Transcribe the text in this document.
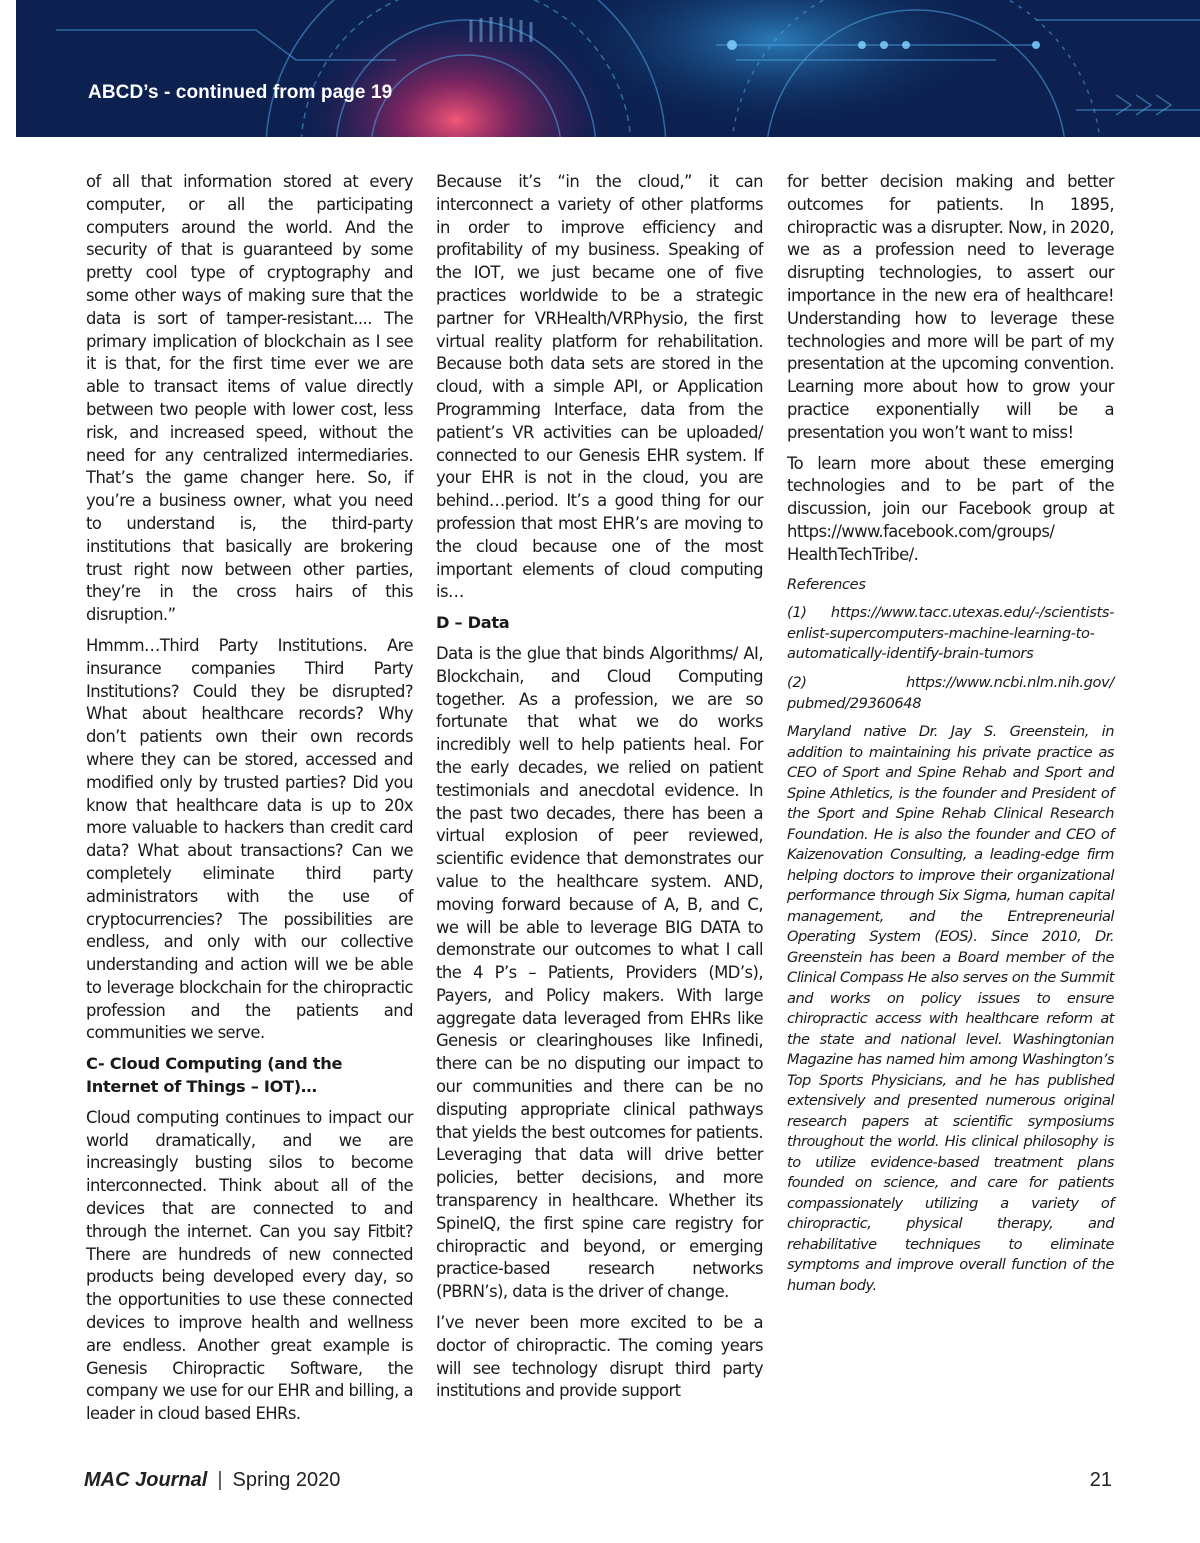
ABCD’s - continued from page 19

of all that information stored at every computer, or all the participating computers around the world. And the security of that is guaranteed by some pretty cool type of cryptography and some other ways of making sure that the data is sort of tamper-resistant.... The primary implication of blockchain as I see it is that, for the first time ever we are able to transact items of value directly between two people with lower cost, less risk, and increased speed, without the need for any centralized intermediaries. That’s the game changer here. So, if you’re a business owner, what you need to understand is, the third-party institutions that basically are brokering trust right now between other parties, they’re in the cross hairs of this disruption.”

Hmmm…Third Party Institutions. Are insurance companies Third Party Institutions? Could they be disrupted? What about healthcare records? Why don’t patients own their own records where they can be stored, accessed and modified only by trusted parties? Did you know that healthcare data is up to 20x more valuable to hackers than credit card data? What about transactions? Can we completely eliminate third party administrators with the use of cryptocurrencies? The possibilities are endless, and only with our collective understanding and action will we be able to leverage blockchain for the chiropractic profession and the patients and communities we serve.

C- Cloud Computing (and the Internet of Things – IOT)…

Cloud computing continues to impact our world dramatically, and we are increasingly busting silos to become interconnected. Think about all of the devices that are connected to and through the internet. Can you say Fitbit? There are hundreds of new connected products being developed every day, so the opportunities to use these connected devices to improve health and wellness are endless. Another great example is Genesis Chiropractic Software, the company we use for our EHR and billing, a leader in cloud based EHRs.

Because it’s “in the cloud,” it can interconnect a variety of other platforms in order to improve efficiency and profitability of my business. Speaking of the IOT, we just became one of five practices worldwide to be a strategic partner for VRHealth/VRPhysio, the first virtual reality platform for rehabilitation. Because both data sets are stored in the cloud, with a simple API, or Application Programming Interface, data from the patient’s VR activities can be uploaded/ connected to our Genesis EHR system. If your EHR is not in the cloud, you are behind…period. It’s a good thing for our profession that most EHR’s are moving to the cloud because one of the most important elements of cloud computing is…

D – Data

Data is the glue that binds Algorithms/ AI, Blockchain, and Cloud Computing together. As a profession, we are so fortunate that what we do works incredibly well to help patients heal. For the early decades, we relied on patient testimonials and anecdotal evidence. In the past two decades, there has been a virtual explosion of peer reviewed, scientific evidence that demonstrates our value to the healthcare system. AND, moving forward because of A, B, and C, we will be able to leverage BIG DATA to demonstrate our outcomes to what I call the 4 P’s – Patients, Providers (MD’s), Payers, and Policy makers. With large aggregate data leveraged from EHRs like Genesis or clearinghouses like Infinedi, there can be no disputing our impact to our communities and there can be no disputing appropriate clinical pathways that yields the best outcomes for patients. Leveraging that data will drive better policies, better decisions, and more transparency in healthcare. Whether its SpineIQ, the first spine care registry for chiropractic and beyond, or emerging practice-based research networks (PBRN’s), data is the driver of change.

I’ve never been more excited to be a doctor of chiropractic. The coming years will see technology disrupt third party institutions and provide support

for better decision making and better outcomes for patients. In 1895, chiropractic was a disrupter. Now, in 2020, we as a profession need to leverage disrupting technologies, to assert our importance in the new era of healthcare! Understanding how to leverage these technologies and more will be part of my presentation at the upcoming convention. Learning more about how to grow your practice exponentially will be a presentation you won’t want to miss!

To learn more about these emerging technologies and to be part of the discussion, join our Facebook group at https://www.facebook.com/groups/ HealthTechTribe/.

References

(1) https://www.tacc.utexas.edu/-/scientists-enlist-supercomputers-machine-learning-to-automatically-identify-brain-tumors

(2) https://www.ncbi.nlm.nih.gov/ pubmed/29360648

Maryland native Dr. Jay S. Greenstein, in addition to maintaining his private practice as CEO of Sport and Spine Rehab and Sport and Spine Athletics, is the founder and President of the Sport and Spine Rehab Clinical Research Foundation. He is also the founder and CEO of Kaizenovation Consulting, a leading-edge firm helping doctors to improve their organizational performance through Six Sigma, human capital management, and the Entrepreneurial Operating System (EOS). Since 2010, Dr. Greenstein has been a Board member of the Clinical Compass He also serves on the Summit and works on policy issues to ensure chiropractic access with healthcare reform at the state and national level. Washingtonian Magazine has named him among Washington’s Top Sports Physicians, and he has published extensively and presented numerous original research papers at scientific symposiums throughout the world. His clinical philosophy is to utilize evidence-based treatment plans founded on science, and care for patients compassionately utilizing a variety of chiropractic, physical therapy, and rehabilitative techniques to eliminate symptoms and improve overall function of the human body.

MAC Journal | Spring 2020	21
